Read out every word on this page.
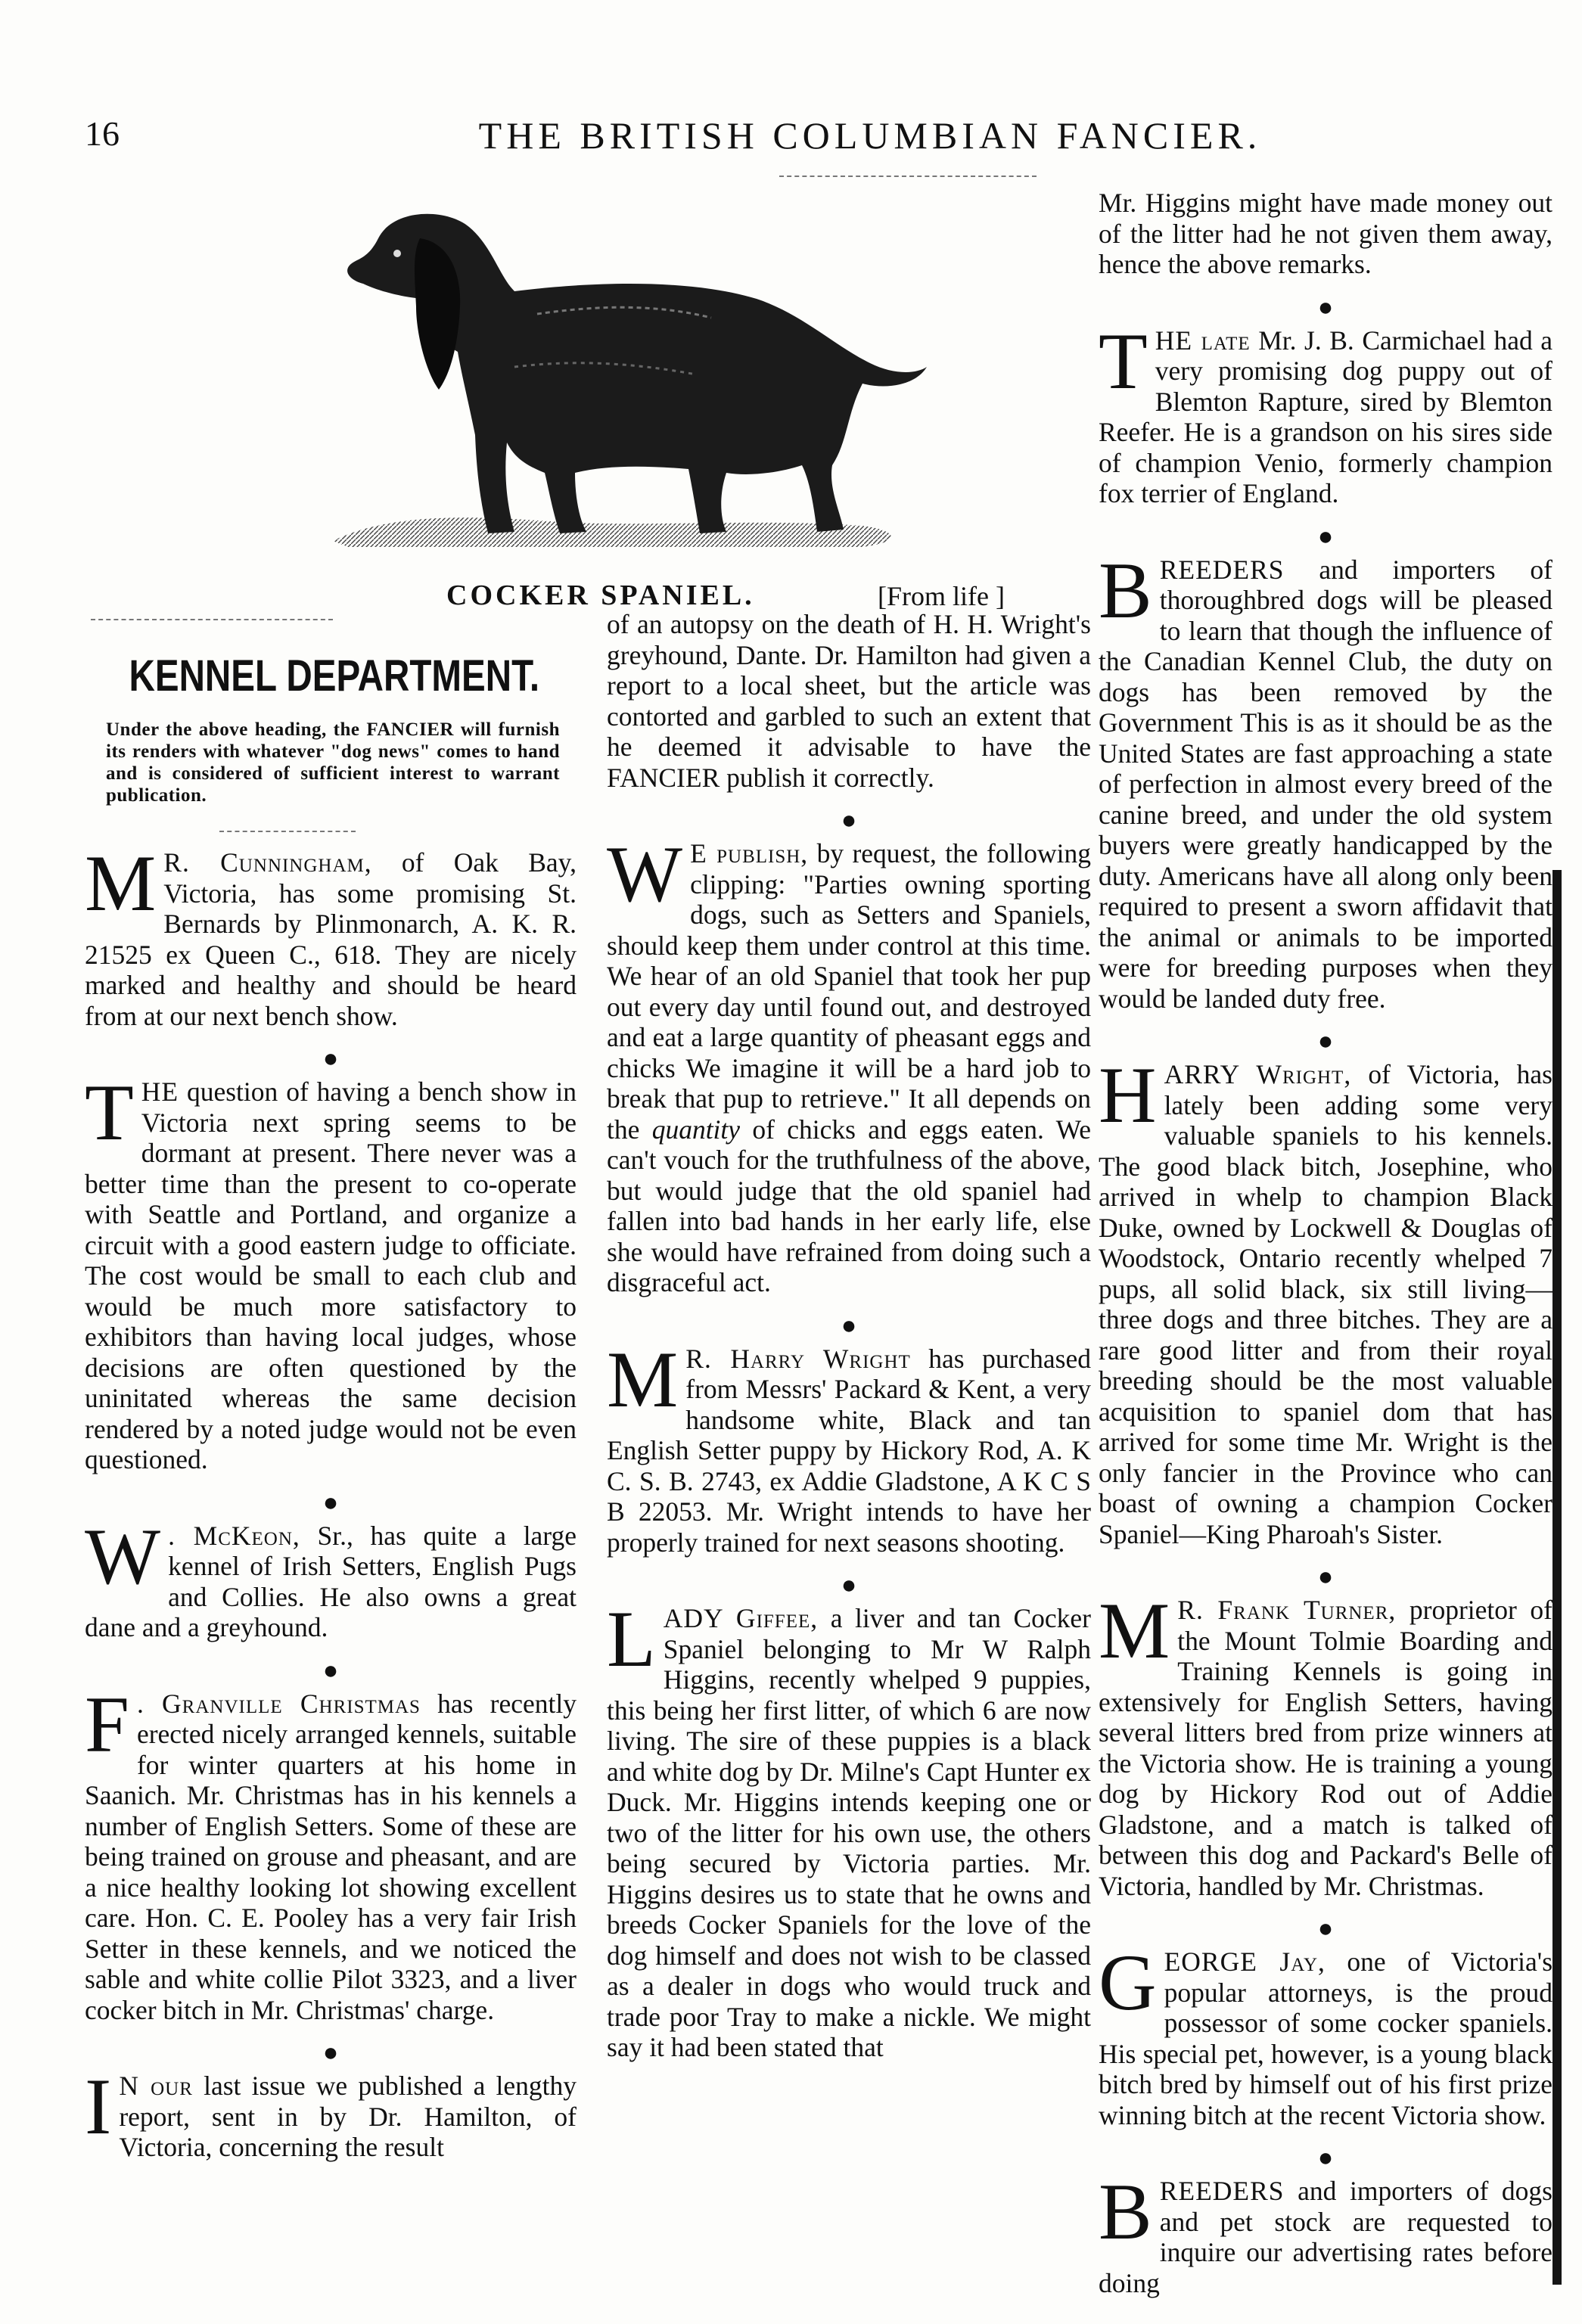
16	THE BRITISH COLUMBIAN FANCIER.
COCKER SPANIEL.	[From life ]
KENNEL DEPARTMENT.
Under the above heading, the FANCIER will furnish its renders with whatever "dog news" comes to hand and is considered of sufficient interest to warrant publication.

M R. Cunningham, of Oak Bay, Victoria, has some promising St. Bernards by Plinmonarch, A. K. R. 21525 ex Queen C., 618. They are nicely marked and healthy and should be heard from at our next bench show.

●

THE question of having a bench show in Victoria next spring seems to be dormant at present. There never was a better time than the present to co-operate with Seattle and Portland, and organize a circuit with a good eastern judge to officiate. The cost would be small to each club and would be much more satisfactory to exhibitors than having local judges, whose decisions are often questioned by the uninitated whereas the same decision rendered by a noted judge would not be even questioned.

●

W . McKeon, Sr., has quite a large kennel of Irish Setters, English Pugs and Collies. He also owns a great dane and a greyhound.

●

F . Granville Christmas has recently erected nicely arranged kennels, suitable for winter quarters at his home in Saanich. Mr. Christmas has in his kennels a number of English Setters. Some of these are being trained on grouse and pheasant, and are a nice healthy looking lot showing excellent care. Hon. C. E. Pooley has a very fair Irish Setter in these kennels, and we noticed the sable and white collie Pilot 3323, and a liver cocker bitch in Mr. Christmas' charge.

●

I N our last issue we published a lengthy report, sent in by Dr. Hamilton, of Victoria, concerning the result

of an autopsy on the death of H. H. Wright's greyhound, Dante. Dr. Hamilton had given a report to a local sheet, but the article was contorted and garbled to such an extent that he deemed it advisable to have the FANCIER publish it correctly.

●

W E publish, by request, the following clipping: "Parties owning sporting dogs, such as Setters and Spaniels, should keep them under control at this time. We hear of an old Spaniel that took her pup out every day until found out, and destroyed and eat a large quantity of pheasant eggs and chicks We imagine it will be a hard job to break that pup to retrieve." It all depends on the quantity of chicks and eggs eaten. We can't vouch for the truthfulness of the above, but would judge that the old spaniel had fallen into bad hands in her early life, else she would have refrained from doing such a disgraceful act.

●

M R. Harry Wright has purchased from Messrs' Packard & Kent, a very handsome white, Black and tan English Setter puppy by Hickory Rod, A. K C. S. B. 2743, ex Addie Gladstone, A K C S B 22053. Mr. Wright intends to have her properly trained for next seasons shooting.

●

LADY Giffee, a liver and tan Cocker Spaniel belonging to Mr W Ralph Higgins, recently whelped 9 puppies, this being her first litter, of which 6 are now living. The sire of these puppies is a black and white dog by Dr. Milne's Capt Hunter ex Duck. Mr. Higgins intends keeping one or two of the litter for his own use, the others being secured by Victoria parties. Mr. Higgins desires us to state that he owns and breeds Cocker Spaniels for the love of the dog himself and does not wish to be classed as a dealer in dogs who would truck and trade poor Tray to make a nickle. We might say it had been stated that

Mr. Higgins might have made money out of the litter had he not given them away, hence the above remarks.

●

THE late Mr. J. B. Carmichael had a very promising dog puppy out of Blemton Rapture, sired by Blemton Reefer. He is a grandson on his sires side of champion Venio, formerly champion fox terrier of England.

●

BREEDERS and importers of thoroughbred dogs will be pleased to learn that though the influence of the Canadian Kennel Club, the duty on dogs has been removed by the Government This is as it should be as the United States are fast approaching a state of perfection in almost every breed of the canine breed, and under the old system buyers were greatly handicapped by the duty. Americans have all along only been required to present a sworn affidavit that the animal or animals to be imported were for breeding purposes when they would be landed duty free.

●

HARRY Wright, of Victoria, has lately been adding some very valuable spaniels to his kennels. The good black bitch, Josephine, who arrived in whelp to champion Black Duke, owned by Lockwell & Douglas of Woodstock, Ontario recently whelped 7 pups, all solid black, six still living—three dogs and three bitches. They are a rare good litter and from their royal breeding should be the most valuable acquisition to spaniel dom that has arrived for some time Mr. Wright is the only fancier in the Province who can boast of owning a champion Cocker Spaniel—King Pharoah's Sister.

●

M R. Frank Turner, proprietor of the Mount Tolmie Boarding and Training Kennels is going in extensively for English Setters, having several litters bred from prize winners at the Victoria show. He is training a young dog by Hickory Rod out of Addie Gladstone, and a match is talked of between this dog and Packard's Belle of Victoria, handled by Mr. Christmas.

●

GEORGE Jay, one of Victoria's popular attorneys, is the proud possessor of some cocker spaniels. His special pet, however, is a young black bitch bred by himself out of his first prize winning bitch at the recent Victoria show.

●

BREEDERS and importers of dogs and pet stock are requested to inquire our advertising rates before doing
